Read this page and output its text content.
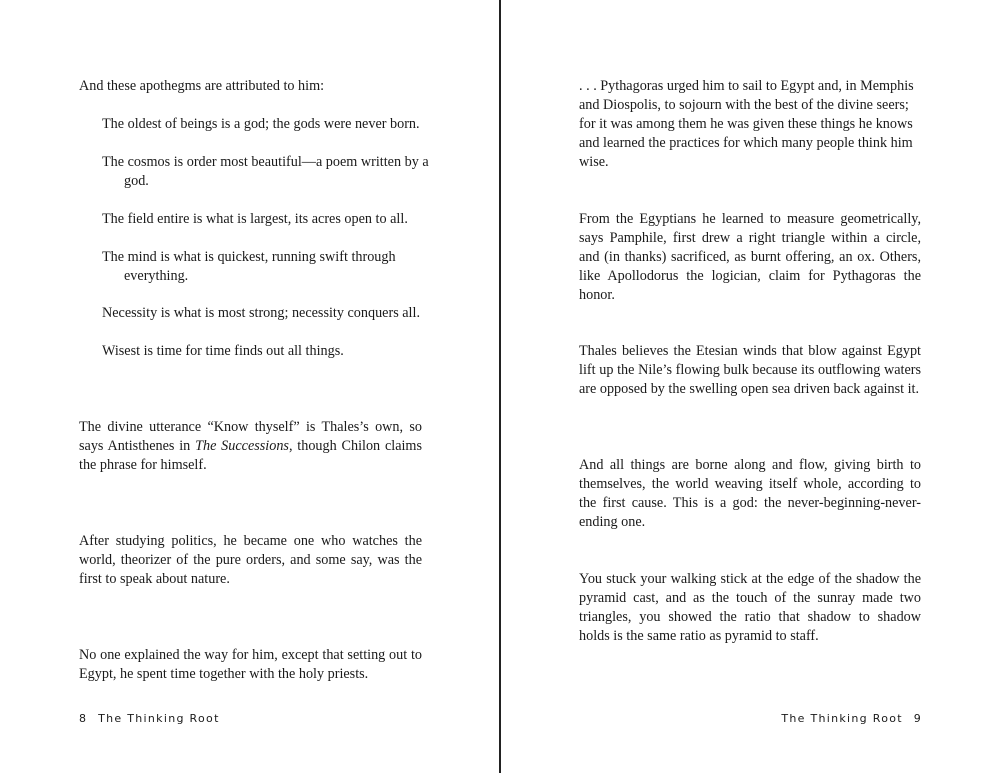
And these apothegms are attributed to him:

The oldest of beings is a god; the gods were never born.

The cosmos is order most beautiful—a poem written by a god.

The field entire is what is largest, its acres open to all.

The mind is what is quickest, running swift through everything.

Necessity is what is most strong; necessity conquers all.

Wisest is time for time finds out all things.

The divine utterance “Know thyself” is Thales’s own, so says Antisthenes in The Successions, though Chilon claims the phrase for himself.

After studying politics, he became one who watches the world, theorizer of the pure orders, and some say, was the first to speak about nature.

No one explained the way for him, except that setting out to Egypt, he spent time together with the holy priests.

8 The Thinking Root

. . . Pythagoras urged him to sail to Egypt and, in Memphis and Diospolis, to sojourn with the best of the divine seers; for it was among them he was given these things he knows and learned the practices for which many people think him wise.

From the Egyptians he learned to measure geometrically, says Pamphile, first drew a right triangle within a circle, and (in thanks) sacrificed, as burnt offering, an ox. Others, like Apollodorus the logician, claim for Pythagoras the honor.

Thales believes the Etesian winds that blow against Egypt lift up the Nile’s flowing bulk because its outflowing waters are opposed by the swelling open sea driven back against it.

And all things are borne along and flow, giving birth to themselves, the world weaving itself whole, according to the first cause. This is a god: the never-beginning-never-ending one.

You stuck your walking stick at the edge of the shadow the pyramid cast, and as the touch of the sunray made two triangles, you showed the ratio that shadow to shadow holds is the same ratio as pyramid to staff.

The Thinking Root 9
